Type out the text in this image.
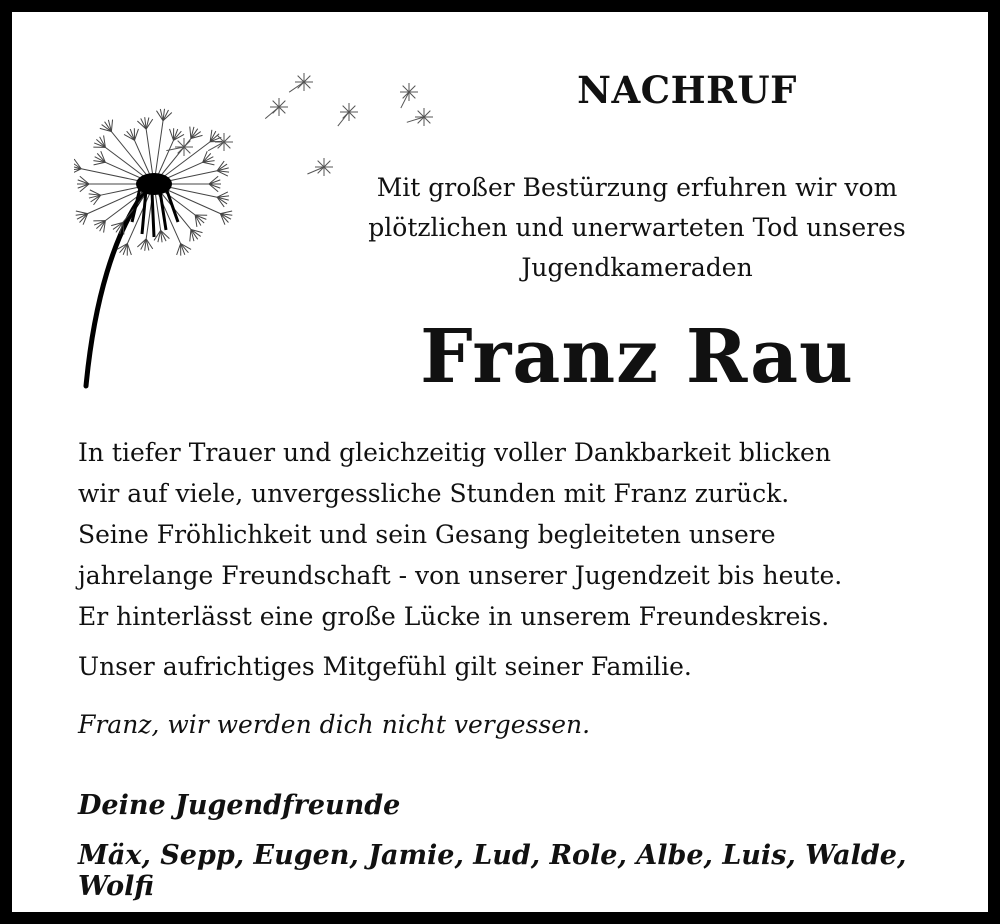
NACHRUF
Mit großer Bestürzung erfuhren wir vom
plötzlichen und unerwarteten Tod unseres
Jugendkameraden
Franz Rau

In tiefer Trauer und gleichzeitig voller Dankbarkeit blicken

wir auf viele, unvergessliche Stunden mit Franz zurück.

Seine Fröhlichkeit und sein Gesang begleiteten unsere

jahrelange Freundschaft - von unserer Jugendzeit bis heute.

Er hinterlässt eine große Lücke in unserem Freundeskreis.

Unser aufrichtiges Mitgefühl gilt seiner Familie.
Franz, wir werden dich nicht vergessen.
Deine Jugendfreunde
Mäx, Sepp, Eugen, Jamie, Lud, Role, Albe, Luis, Walde, Wolfi
